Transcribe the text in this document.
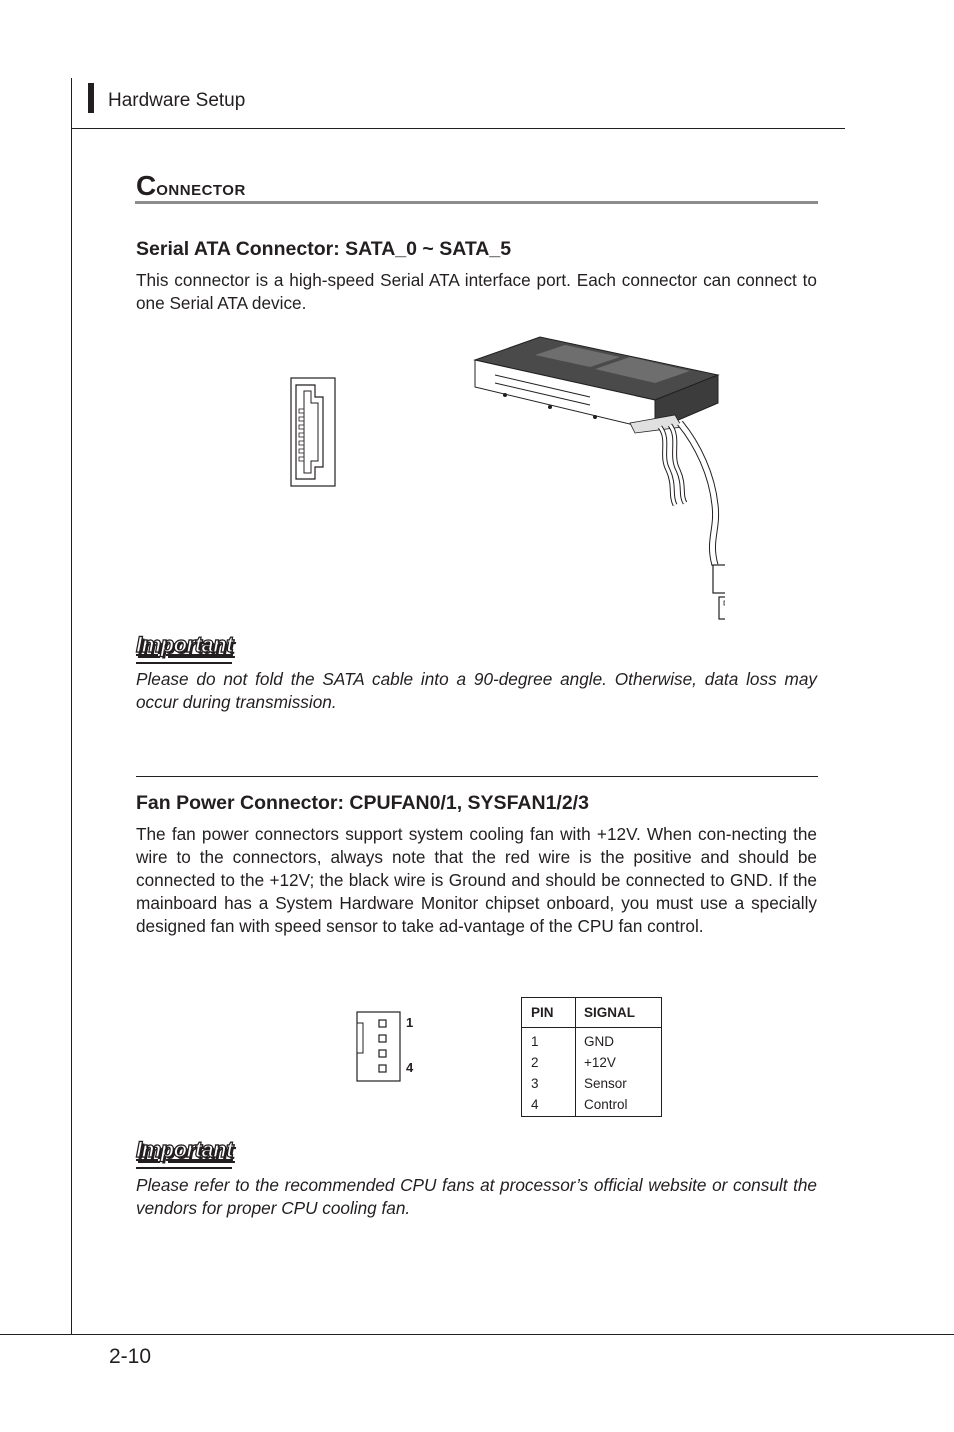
Hardware Setup
Connector
Serial ATA Connector: SATA_0 ~ SATA_5

This connector is a high-speed Serial ATA interface port. Each connector can connect to one Serial ATA device.

Important

Please do not fold the SATA cable into a 90-degree angle. Otherwise, data loss may occur during transmission.

Fan Power Connector: CPUFAN0/1, SYSFAN1/2/3

The fan power connectors support system cooling fan with +12V. When con-necting the wire to the connectors, always note that the red wire is the positive and should be connected to the +12V; the black wire is Ground and should be connected to GND. If the mainboard has a System Hardware Monitor chipset onboard, you must use a specially designed fan with speed sensor to take ad-vantage of the CPU fan control.

1
4
PIN SIGNAL
1	GND
2	+12V
3	Sensor
4	Control
Important

Please refer to the recommended CPU fans at processor’s official website or consult the vendors for proper CPU cooling fan.

2-10
